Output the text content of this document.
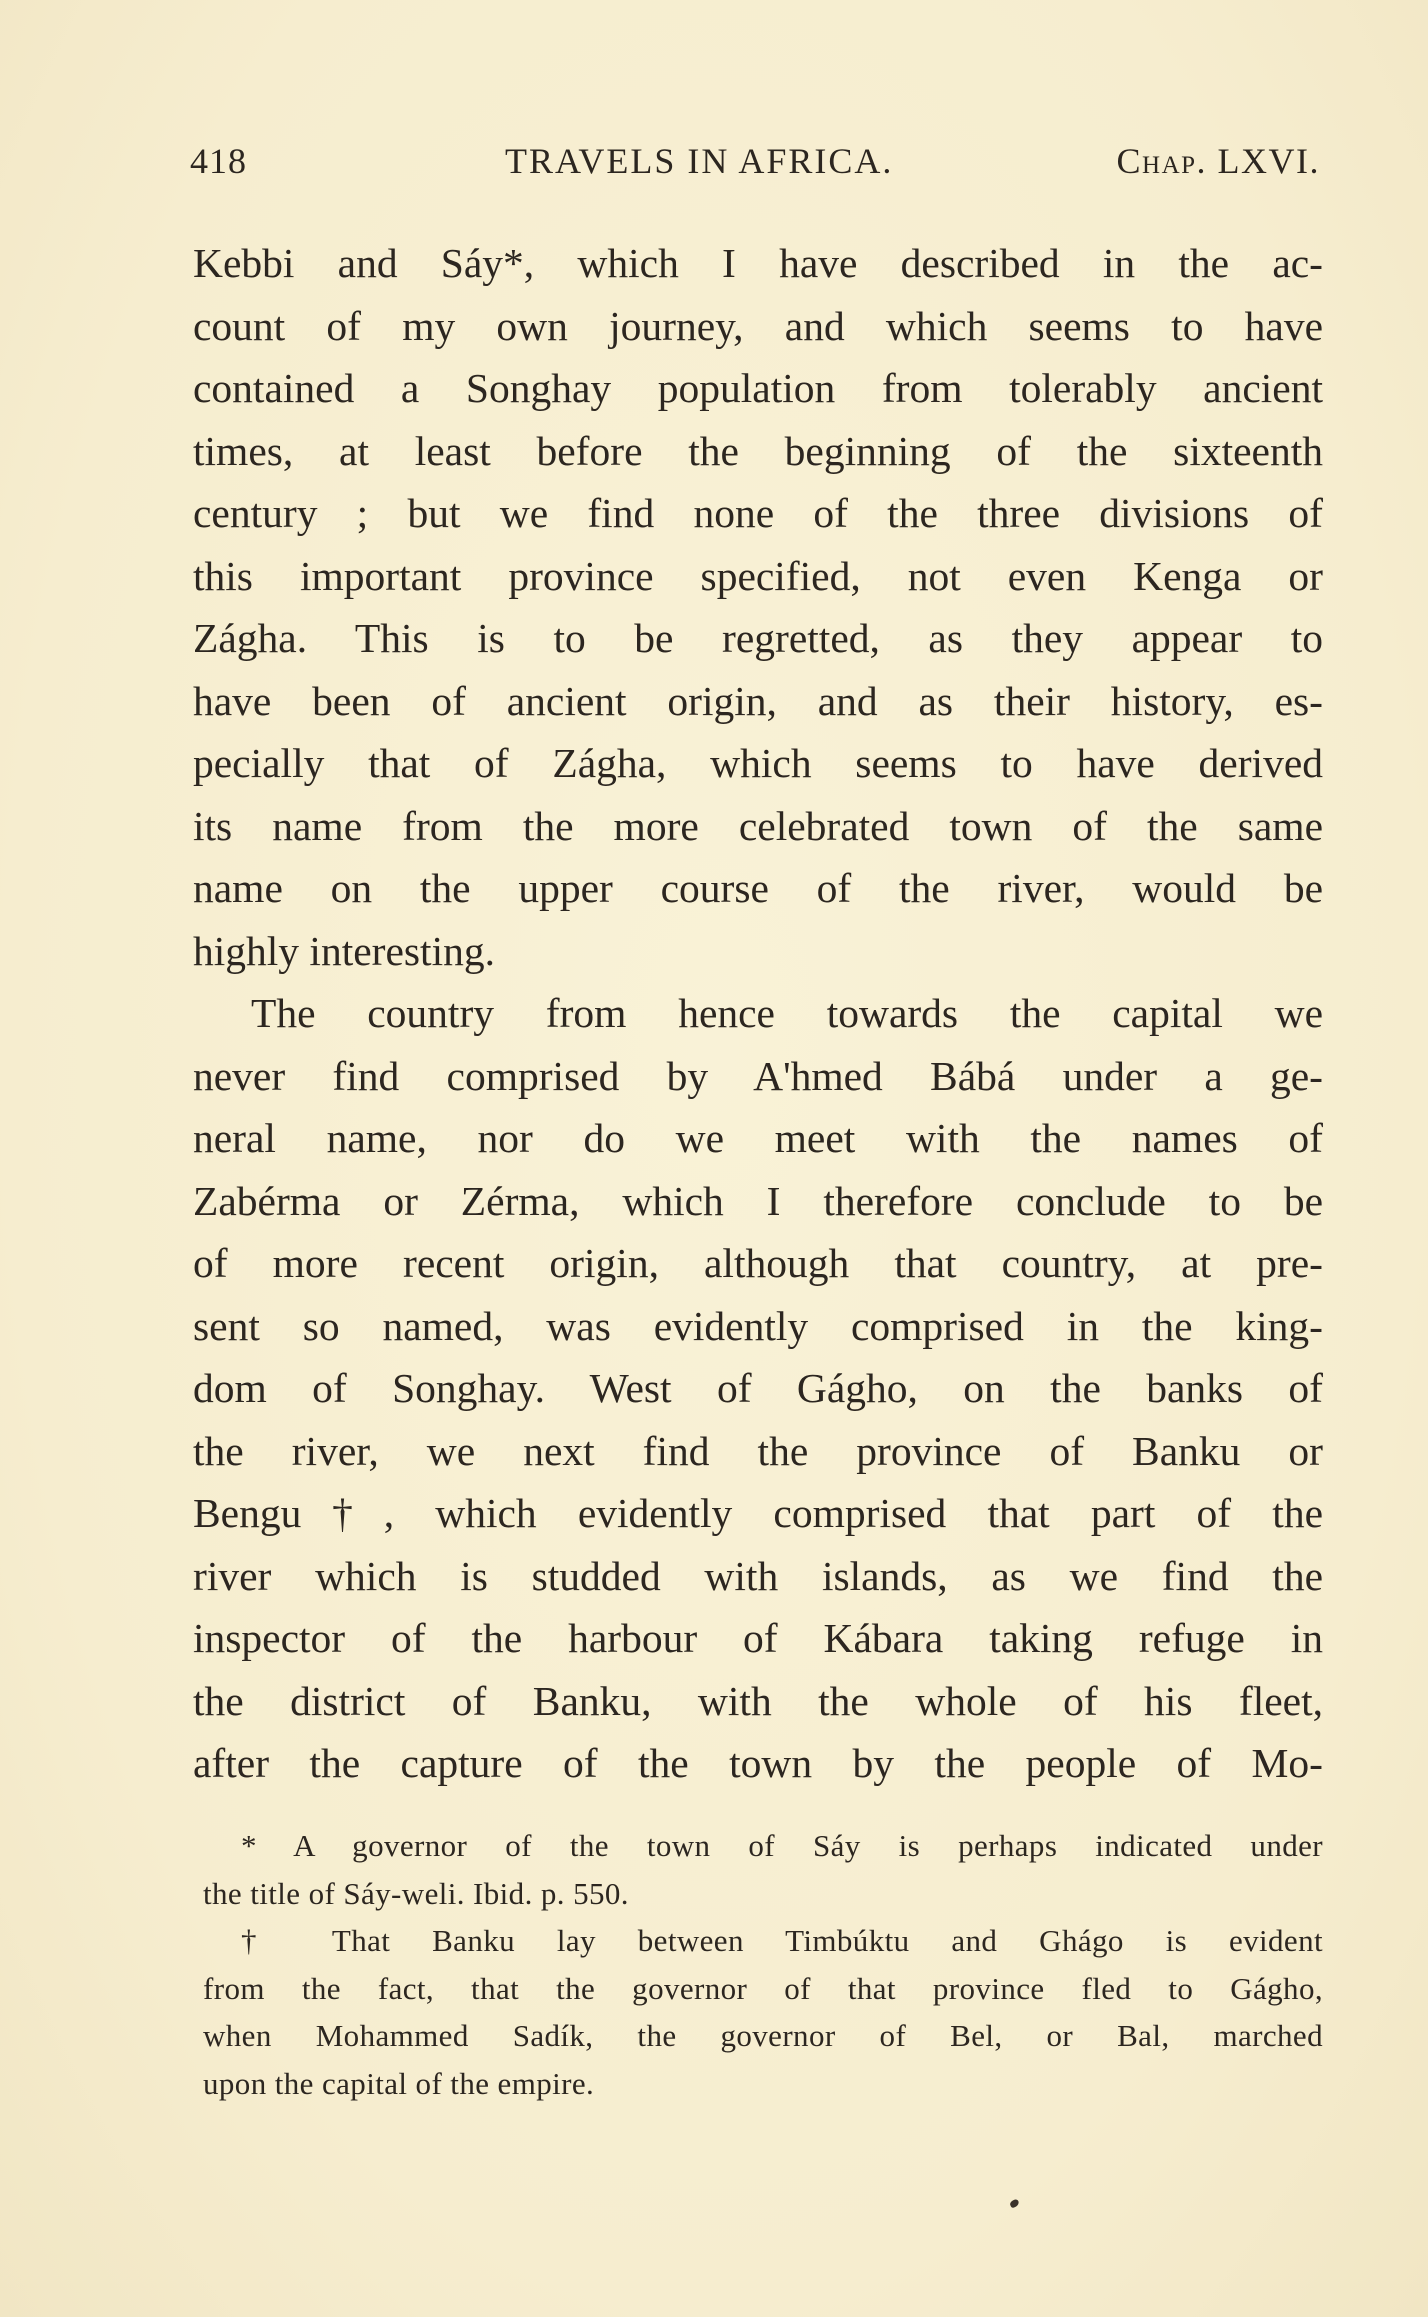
418	TRAVELS IN AFRICA.	Chap. LXVI.
Kebbi and Sáy*, which I have described in the ac-
count of my own journey, and which seems to have
contained a Songhay population from tolerably ancient
times, at least before the beginning of the sixteenth
century ; but we find none of the three divisions of
this important province specified, not even Kenga or
Zágha. This is to be regretted, as they appear to
have been of ancient origin, and as their history, es-
pecially that of Zágha, which seems to have derived
its name from the more celebrated town of the same
name on the upper course of the river, would be
highly interesting.
The country from hence towards the capital we
never find comprised by A'hmed Bábá under a ge-
neral name, nor do we meet with the names of
Zabérma or Zérma, which I therefore conclude to be
of more recent origin, although that country, at pre-
sent so named, was evidently comprised in the king-
dom of Songhay. West of Gágho, on the banks of
the river, we next find the province of Banku or
Bengu†, which evidently comprised that part of the
river which is studded with islands, as we find the
inspector of the harbour of Kábara taking refuge in
the district of Banku, with the whole of his fleet,
after the capture of the town by the people of Mo-
* A governor of the town of Sáy is perhaps indicated under
the title of Sáy-weli. Ibid. p. 550.
† That Banku lay between Timbúktu and Ghágo is evident
from the fact, that the governor of that province fled to Gágho,
when Mohammed Sadík, the governor of Bel, or Bal, marched
upon the capital of the empire.
